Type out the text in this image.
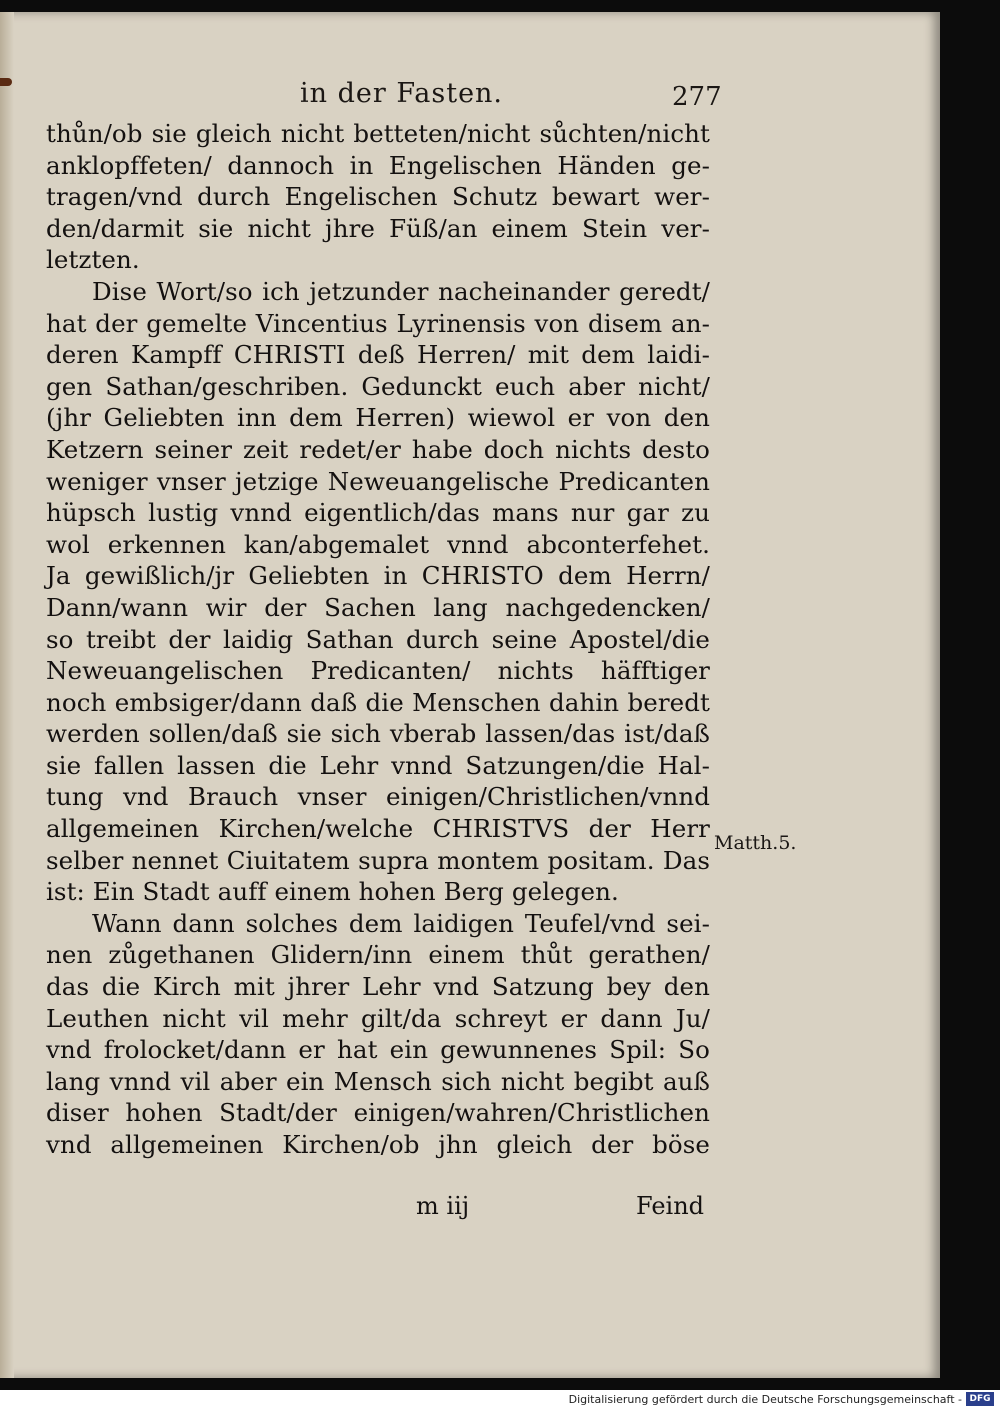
in der Fasten.	277
thůn/ob sie gleich nicht betteten/nicht sůchten/nicht
anklopffeten/ dannoch in Engelischen Händen ge-
tragen/vnd durch Engelischen Schutz bewart wer-
den/darmit sie nicht jhre Füß/an einem Stein ver-
letzten.
Dise Wort/so ich jetzunder nacheinander geredt/
hat der gemelte Vincentius Lyrinensis von disem an-
deren Kampff CHRISTI deß Herren/ mit dem laidi-
gen Sathan/geschriben. Gedunckt euch aber nicht/
(jhr Geliebten inn dem Herren) wiewol er von den
Ketzern seiner zeit redet/er habe doch nichts desto
weniger vnser jetzige Neweuangelische Predicanten
hüpsch lustig vnnd eigentlich/das mans nur gar zu
wol erkennen kan/abgemalet vnnd abconterfehet.
Ja gewißlich/jr Geliebten in CHRISTO dem Herrn/
Dann/wann wir der Sachen lang nachgedencken/
so treibt der laidig Sathan durch seine Apostel/die
Neweuangelischen Predicanten/ nichts häfftiger
noch embsiger/dann daß die Menschen dahin beredt
werden sollen/daß sie sich vberab lassen/das ist/daß
sie fallen lassen die Lehr vnnd Satzungen/die Hal-
tung vnd Brauch vnser einigen/Christlichen/vnnd
allgemeinen Kirchen/welche CHRISTVS der Herr
selber nennet Ciuitatem supra montem positam. Das
ist: Ein Stadt auff einem hohen Berg gelegen.
Wann dann solches dem laidigen Teufel/vnd sei-
nen zůgethanen Glidern/inn einem thůt gerathen/
das die Kirch mit jhrer Lehr vnd Satzung bey den
Leuthen nicht vil mehr gilt/da schreyt er dann Ju/
vnd frolocket/dann er hat ein gewunnenes Spil: So
lang vnnd vil aber ein Mensch sich nicht begibt auß
diser hohen Stadt/der einigen/wahren/Christlichen
vnd allgemeinen Kirchen/ob jhn gleich der böse
Matth.5.
m iij	Feind
Digitalisierung gefördert durch die Deutsche Forschungsgemeinschaft - DFG
